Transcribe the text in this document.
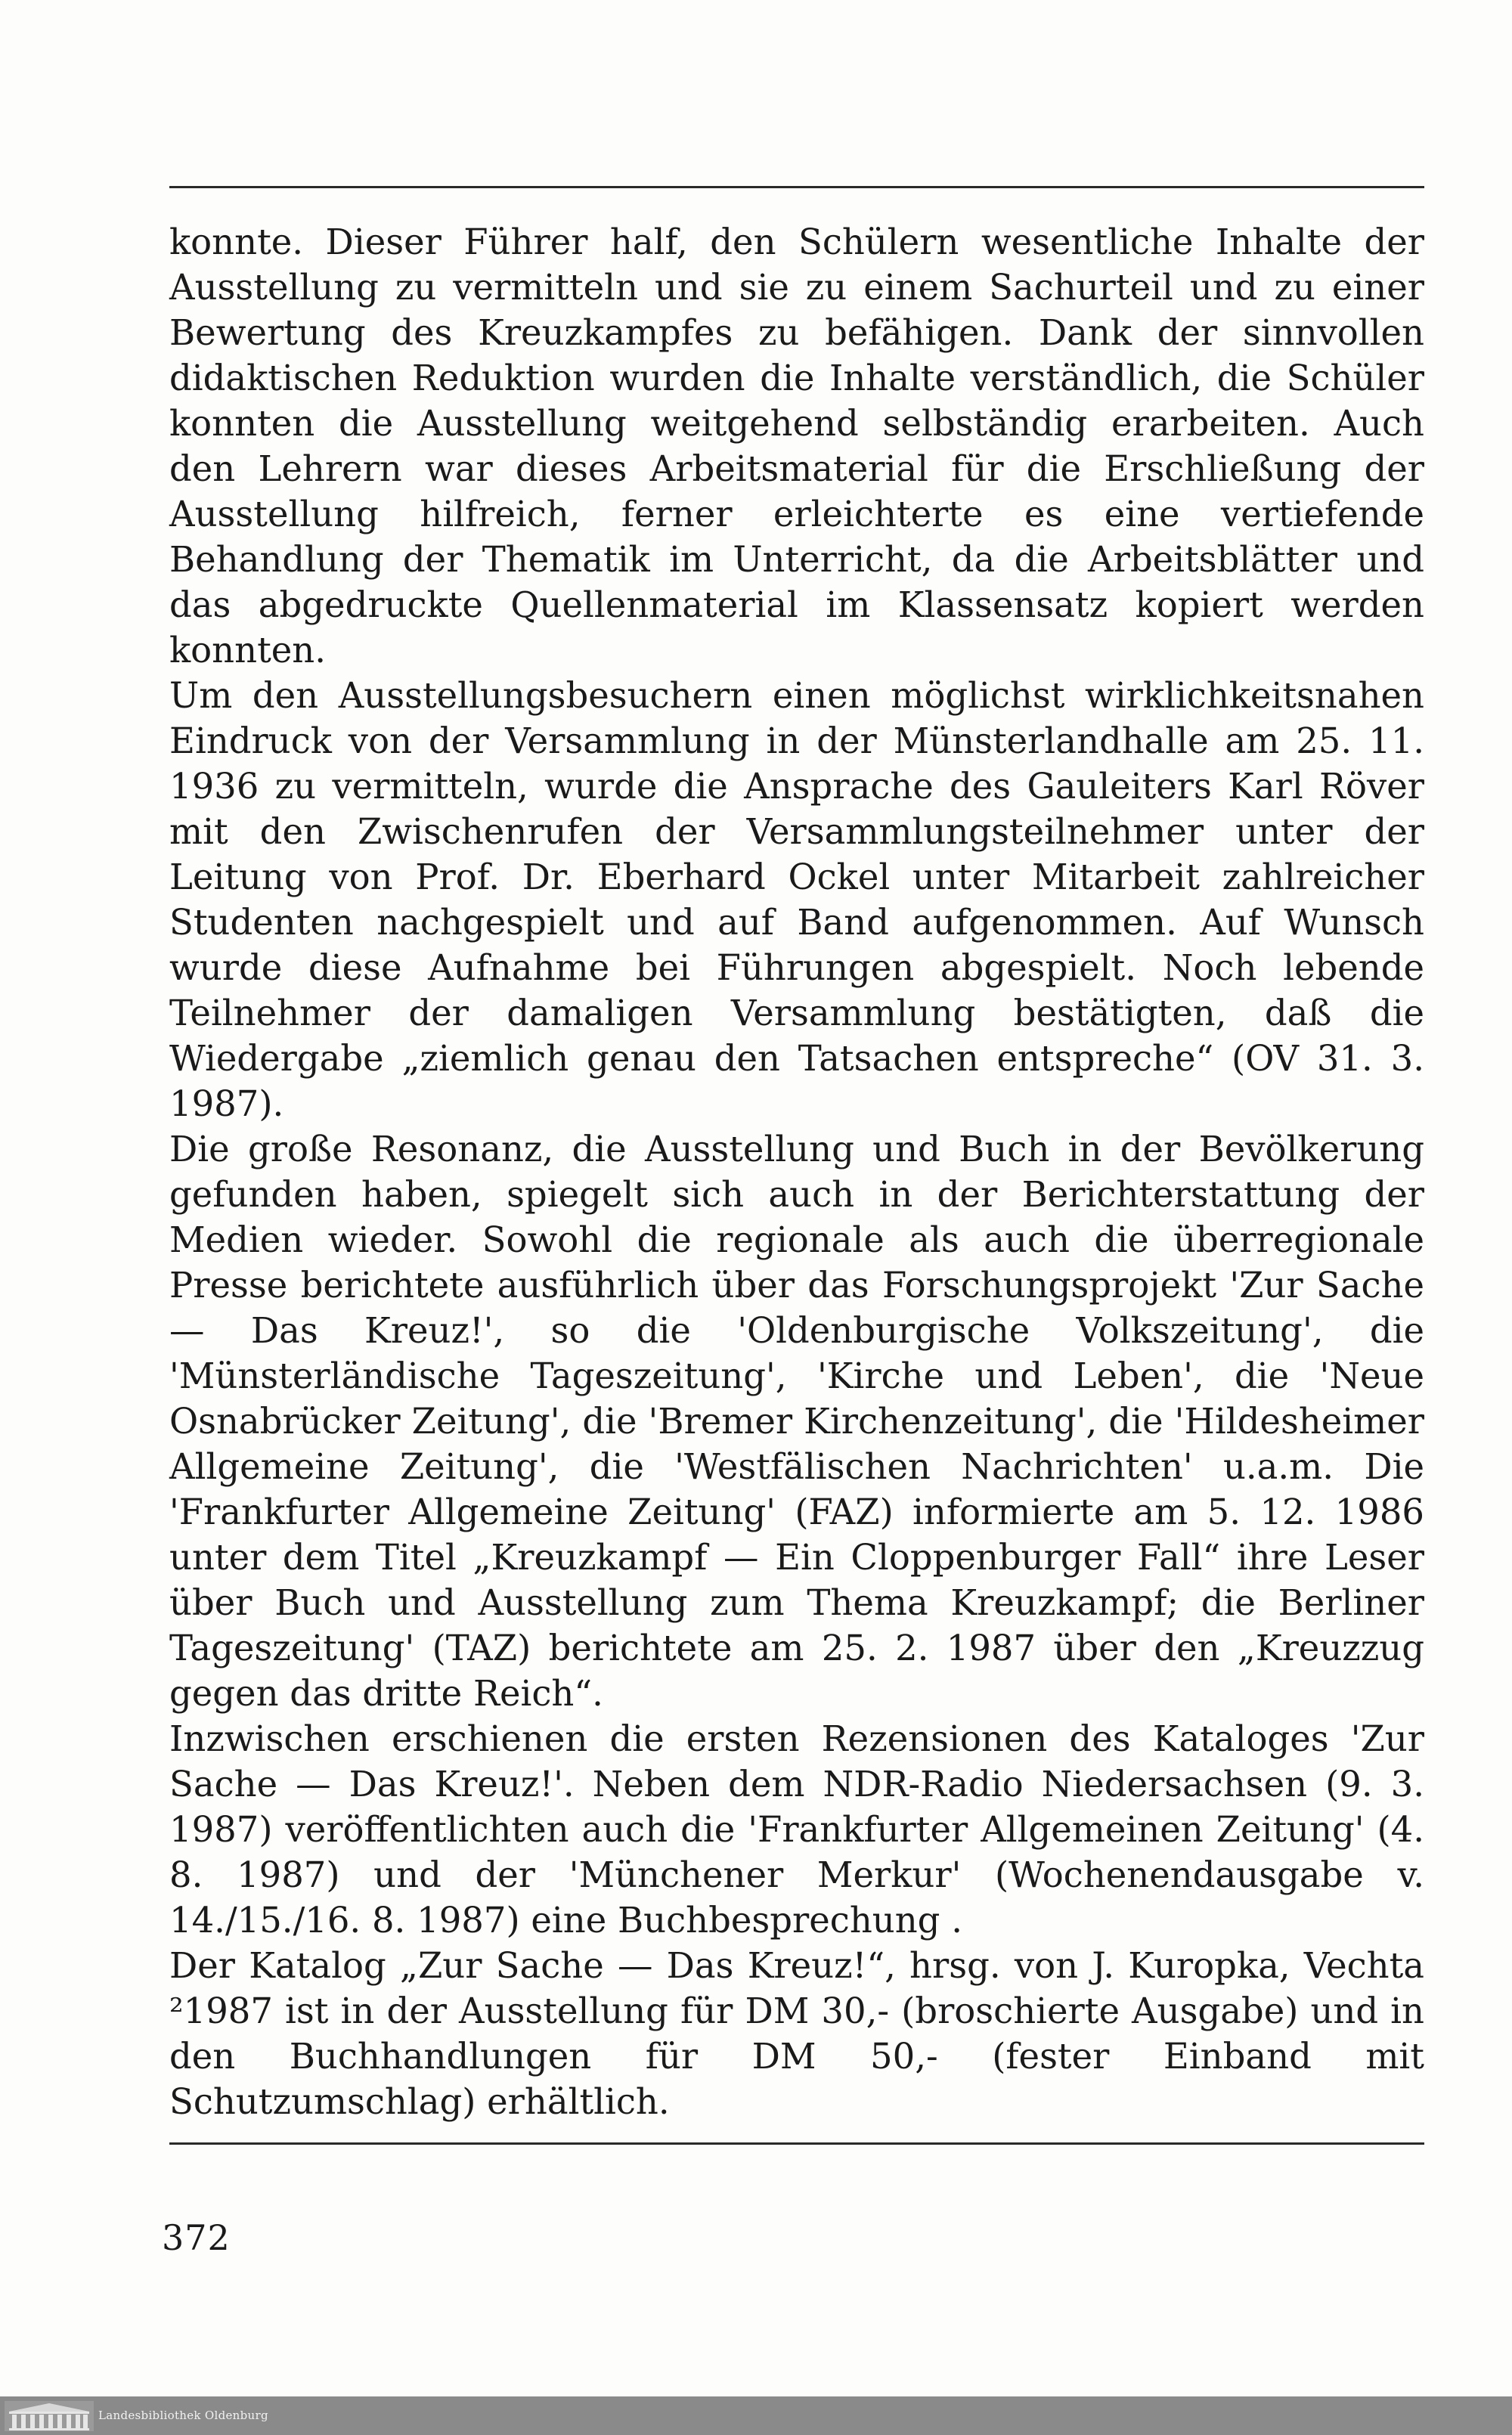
konnte. Dieser Führer half, den Schülern wesentliche Inhalte der Ausstellung zu vermitteln und sie zu einem Sachurteil und zu einer Bewertung des Kreuzkampfes zu befähigen. Dank der sinnvollen didaktischen Reduktion wurden die Inhalte verständlich, die Schüler konnten die Ausstellung weitgehend selbständig erarbeiten. Auch den Lehrern war dieses Arbeitsmaterial für die Erschließung der Ausstellung hilfreich, ferner erleichterte es eine vertiefende Behandlung der Thematik im Unterricht, da die Arbeitsblätter und das abgedruckte Quellenmaterial im Klassensatz kopiert werden konnten.

Um den Ausstellungsbesuchern einen möglichst wirklichkeitsnahen Eindruck von der Versammlung in der Münsterlandhalle am 25. 11. 1936 zu vermitteln, wurde die Ansprache des Gauleiters Karl Röver mit den Zwischenrufen der Versammlungsteilnehmer unter der Leitung von Prof. Dr. Eberhard Ockel unter Mitarbeit zahlreicher Studenten nachgespielt und auf Band aufgenommen. Auf Wunsch wurde diese Aufnahme bei Führungen abgespielt. Noch lebende Teilnehmer der damaligen Versammlung bestätigten, daß die Wiedergabe „ziemlich genau den Tatsachen entspreche“ (OV 31. 3. 1987).

Die große Resonanz, die Ausstellung und Buch in der Bevölkerung gefunden haben, spiegelt sich auch in der Berichterstattung der Medien wieder. Sowohl die regionale als auch die überregionale Presse berichtete ausführlich über das Forschungsprojekt 'Zur Sache — Das Kreuz!', so die 'Oldenburgische Volkszeitung', die 'Münsterländische Tageszeitung', 'Kirche und Leben', die 'Neue Osnabrücker Zeitung', die 'Bremer Kirchenzeitung', die 'Hildesheimer Allgemeine Zeitung', die 'Westfälischen Nachrichten' u.a.m. Die 'Frankfurter Allgemeine Zeitung' (FAZ) informierte am 5. 12. 1986 unter dem Titel „Kreuzkampf — Ein Cloppenburger Fall“ ihre Leser über Buch und Ausstellung zum Thema Kreuzkampf; die Berliner Tageszeitung' (TAZ) berichtete am 25. 2. 1987 über den „Kreuzzug gegen das dritte Reich“.

Inzwischen erschienen die ersten Rezensionen des Kataloges 'Zur Sache — Das Kreuz!'. Neben dem NDR-Radio Niedersachsen (9. 3. 1987) veröffentlichten auch die 'Frankfurter Allgemeinen Zeitung' (4. 8. 1987) und der 'Münchener Merkur' (Wochenendausgabe v. 14./15./16. 8. 1987) eine Buchbesprechung .

Der Katalog „Zur Sache — Das Kreuz!“, hrsg. von J. Kuropka, Vechta ²1987 ist in der Ausstellung für DM 30,- (broschierte Ausgabe) und in den Buchhandlungen für DM 50,- (fester Einband mit Schutzumschlag) erhältlich.

372
Landesbibliothek Oldenburg
